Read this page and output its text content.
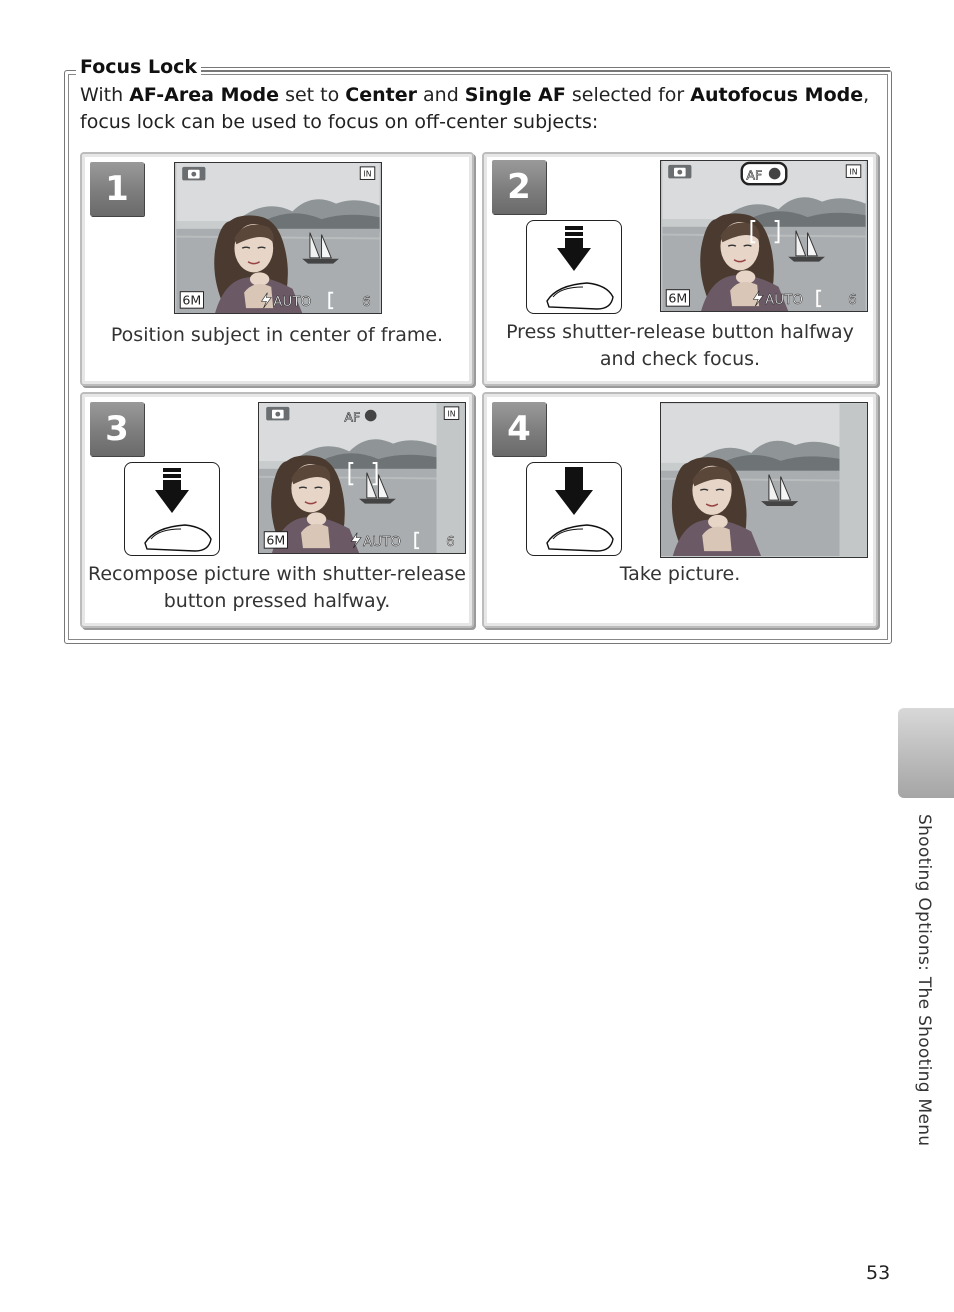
Focus Lock
With AF-Area Mode set to Center and Single AF selected for Autofocus Mode, focus lock can be used to focus on off-center subjects:
1	IN
6M	AUTO	6
Position subject in center of frame.
2	AF	IN
6M	AUTO	6
Press shutter-release button halfway
and check focus.
3	AF	IN
6M	AUTO	6
Recompose picture with shutter-release
button pressed halfway.
4
Take picture.
Shooting Options: The Shooting Menu
53
